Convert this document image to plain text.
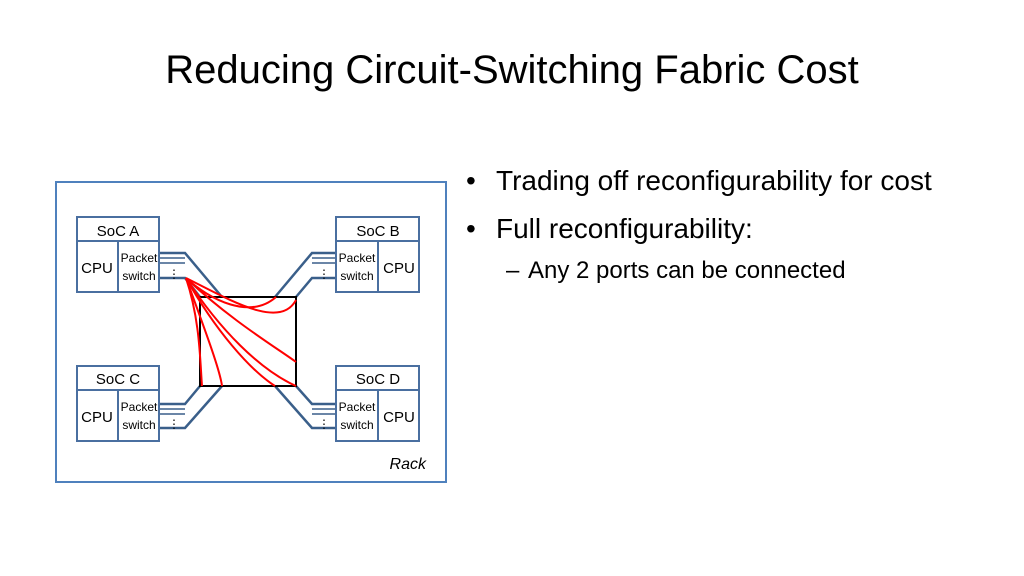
Reducing Circuit-Switching Fabric Cost
• Trading off reconfigurability for cost
• Full reconfigurability:
– Any 2 ports can be connected
Rack
SoC A
CPU
Packet
switch ⋮
SoC B
CPU
Packet
switch
⋮
SoC C
CPU
Packet
switch ⋮
SoC D
CPU
Packet
switch
⋮
